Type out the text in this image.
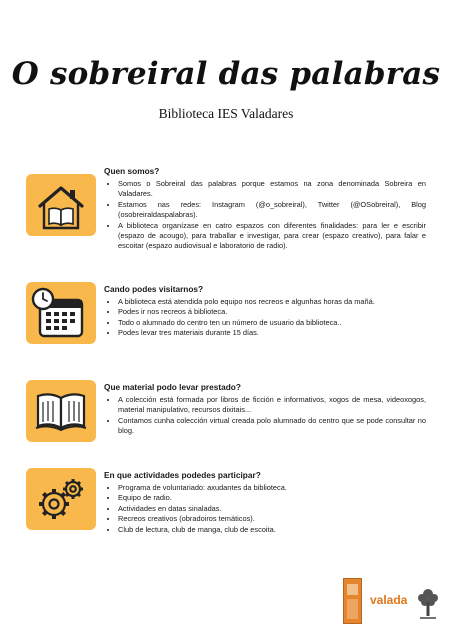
O sobreiral das palabras
Biblioteca IES Valadares
Quen somos?
• Somos o Sobreiral das palabras porque estamos na zona denominada Sobreira en Valadares.
• Estamos nas redes: Instagram (@o_sobreiral), Twitter (@OSobreiral), Blog (osobreiraldaspalabras).
• A biblioteca organízase en catro espazos con diferentes finalidades: para ler e escribir (espazo de acougo), para traballar e investigar, para crear (espazo creativo), para falar e escoitar (espazo audiovisual e laboratorio de radio).
Cando podes visitarnos?
• A biblioteca está atendida polo equipo nos recreos e algunhas horas da mañá.
• Podes ir nos recreos á biblioteca.
• Todo o alumnado do centro ten un número de usuario da biblioteca..
• Podes levar tres materiais durante 15 días.
Que material podo levar prestado?
• A colección está formada por libros de ficción e informativos, xogos de mesa, videoxogos, material manipulativo, recursos dixitais...
• Contamos cunha colección virtual creada polo alumnado do centro que se pode consultar no blog.
En que actividades podedes participar?
• Programa de voluntariado: axudantes da biblioteca.
• Equipo de radio.
• Actividades en datas sinaladas.
• Recreos creativos (obradoiros temáticos).
• Club de lectura, club de manga, club de escoita.
valada
